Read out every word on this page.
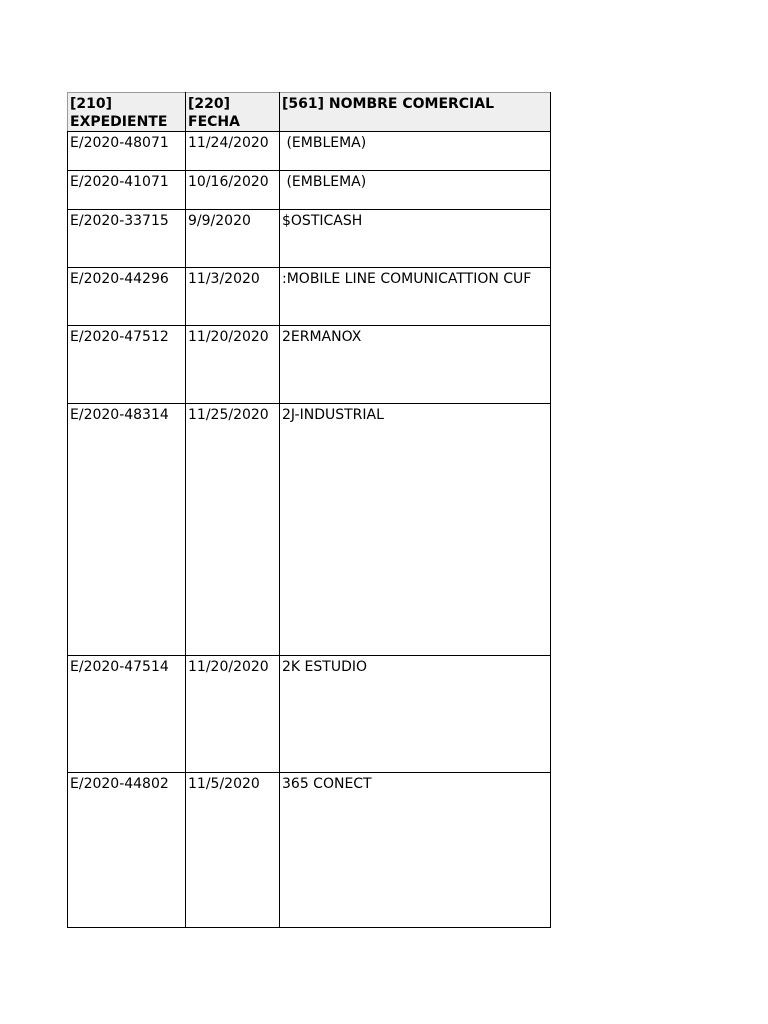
[210] EXPEDIENTE	[220] FECHA	[561] NOMBRE COMERCIAL
E/2020-48071	11/24/2020	(EMBLEMA)
E/2020-41071	10/16/2020	(EMBLEMA)
E/2020-33715	9/9/2020	$OSTICASH
E/2020-44296	11/3/2020	:MOBILE LINE COMUNICATTION CUF
E/2020-47512	11/20/2020	2ERMANOX
E/2020-48314	11/25/2020	2J-INDUSTRIAL
E/2020-47514	11/20/2020	2K ESTUDIO
E/2020-44802	11/5/2020	365 CONECT
